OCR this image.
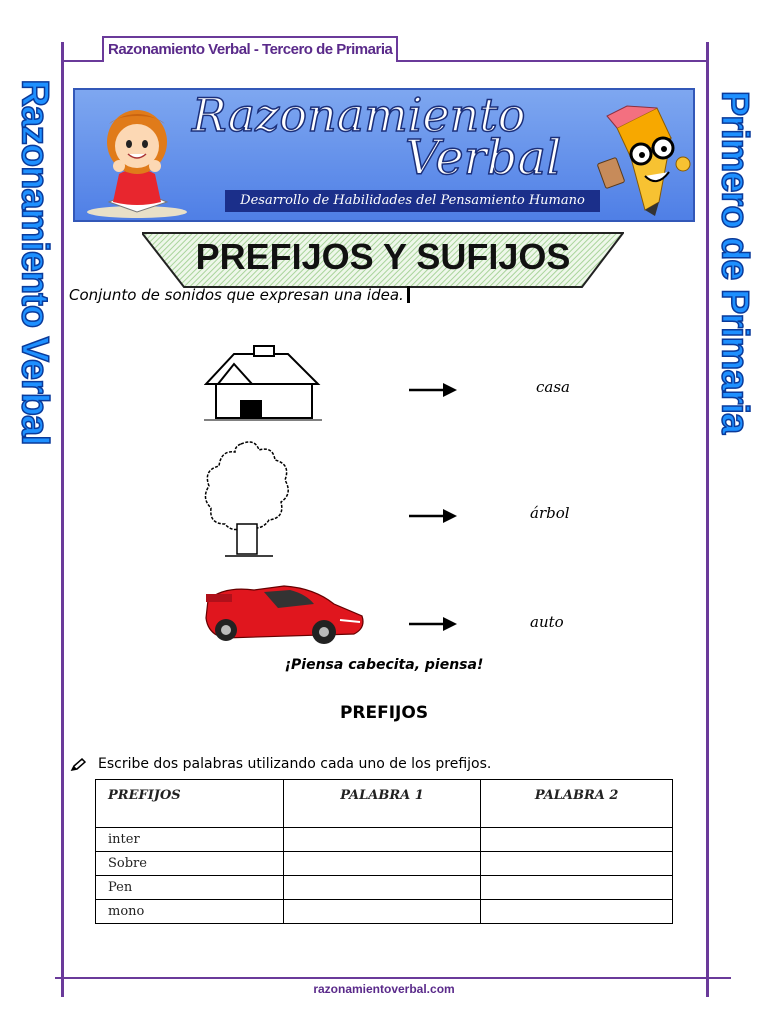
Razonamiento Verbal - Tercero de Primaria
Razonamiento Verbal	Primero de Primaria
Razonamiento
Verbal
Desarrollo de Habilidades del Pensamiento Humano
PREFIJOS Y SUFIJOS
Conjunto de sonidos que expresan una idea.
casa
árbol
auto
¡Piensa cabecita, piensa!
PREFIJOS
Escribe dos palabras utilizando cada uno de los prefijos.
PREFIJOS	PALABRA 1	PALABRA 2
inter		
Sobre		
Pen		
mono		
razonamientoverbal.com
